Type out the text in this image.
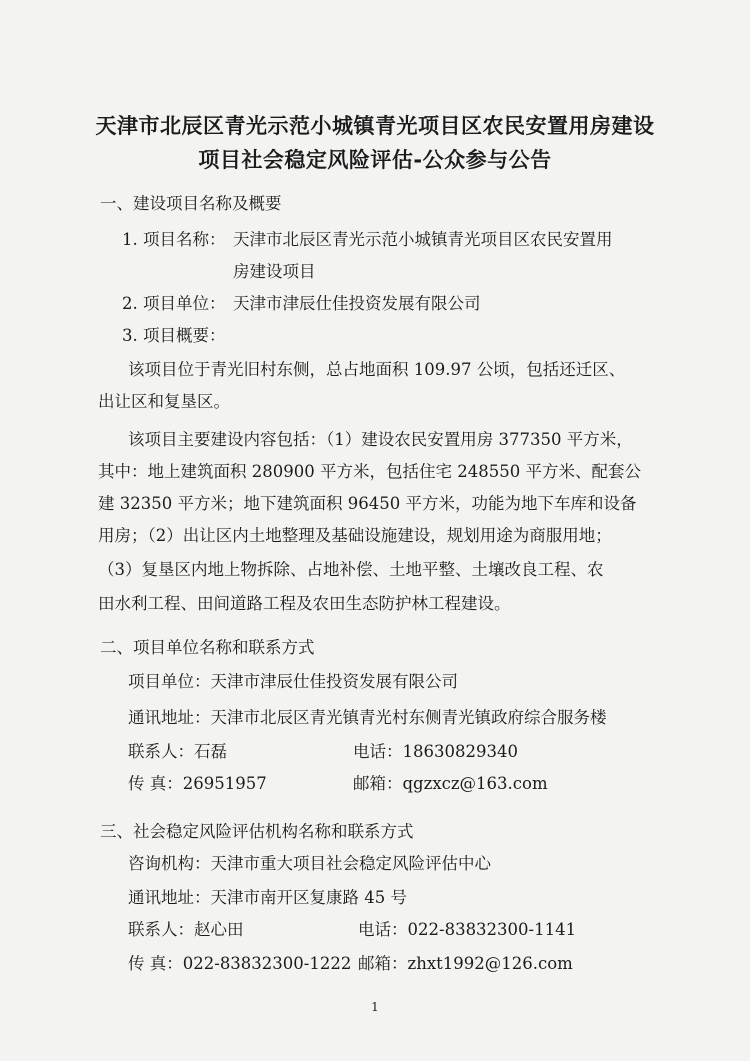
天津市北辰区青光示范小城镇青光项目区农民安置用房建设
项目社会稳定风险评估-公众参与公告
一、建设项目名称及概要
1. 项目名称： 天津市北辰区青光示范小城镇青光项目区农民安置用
房建设项目
2. 项目单位： 天津市津辰仕佳投资发展有限公司
3. 项目概要：
该项目位于青光旧村东侧，总占地面积 109.97 公顷，包括还迁区、
出让区和复垦区。
该项目主要建设内容包括：（1）建设农民安置用房 377350 平方米，
其中：地上建筑面积 280900 平方米，包括住宅 248550 平方米、配套公
建 32350 平方米；地下建筑面积 96450 平方米，功能为地下车库和设备
用房；（2）出让区内土地整理及基础设施建设，规划用途为商服用地；
（3）复垦区内地上物拆除、占地补偿、土地平整、土壤改良工程、农
田水利工程、田间道路工程及农田生态防护林工程建设。
二、项目单位名称和联系方式
项目单位：天津市津辰仕佳投资发展有限公司
通讯地址：天津市北辰区青光镇青光村东侧青光镇政府综合服务楼
联系人：石磊	电话：18630829340
传 真：26951957	邮箱：qgzxcz@163.com
三、社会稳定风险评估机构名称和联系方式
咨询机构：天津市重大项目社会稳定风险评估中心
通讯地址：天津市南开区复康路 45 号
联系人：赵心田	电话：022-83832300-1141
传 真：022-83832300-1222 邮箱：zhxt1992@126.com
1
